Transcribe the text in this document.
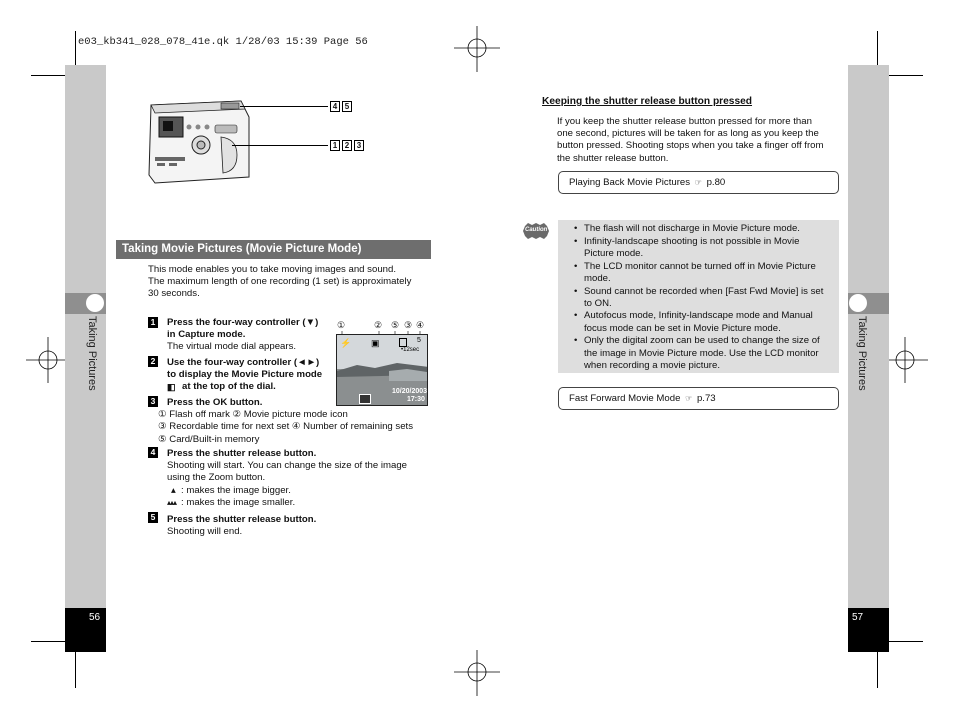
e03_kb341_028_078_41e.qk 1/28/03 15:39 Page 56
Taking Pictures
56
Taking Pictures
57
4 5
1 2 3
Taking Movie Pictures (Movie Picture Mode)
This mode enables you to take moving images and sound.
The maximum length of one recording (1 set) is approximately
30 seconds.
1 Press the four-way controller (▼)
in Capture mode.
The virtual mode dial appears.
2 Use the four-way controller (◄►)
to display the Movie Picture mode
◧ at the top of the dial.
3	Press the OK button.
① Flash off mark ② Movie picture mode icon
③ Recordable time for next set ④ Number of remaining sets
⑤ Card/Built-in memory
4 Press the shutter release button.
Shooting will start. You can change the size of the image
using the Zoom button.
▴ : makes the image bigger.
▴▴▴ : makes the image smaller.
5 Press the shutter release button.
Shooting will end.
①	② ⑤ ③ ④
⚡ ▣	5
•12sec
10/20/2003
17:30
Keeping the shutter release button pressed
If you keep the shutter release button pressed for more than
one second, pictures will be taken for as long as you keep the
button pressed. Shooting stops when you take a finger off from
the shutter release button.
Playing Back Movie Pictures ☞ p.80
Caution
•	The flash will not discharge in Movie Picture mode.
• Infinity-landscape shooting is not possible in Movie
Picture mode.
• The LCD monitor cannot be turned off in Movie Picture
mode.
• Sound cannot be recorded when [Fast Fwd Movie] is set
to ON.
• Autofocus mode, Infinity-landscape mode and Manual
focus mode can be set in Movie Picture mode.
• Only the digital zoom can be used to change the size of
the image in Movie Picture mode. Use the LCD monitor
when recording a movie picture.
Fast Forward Movie Mode ☞ p.73
